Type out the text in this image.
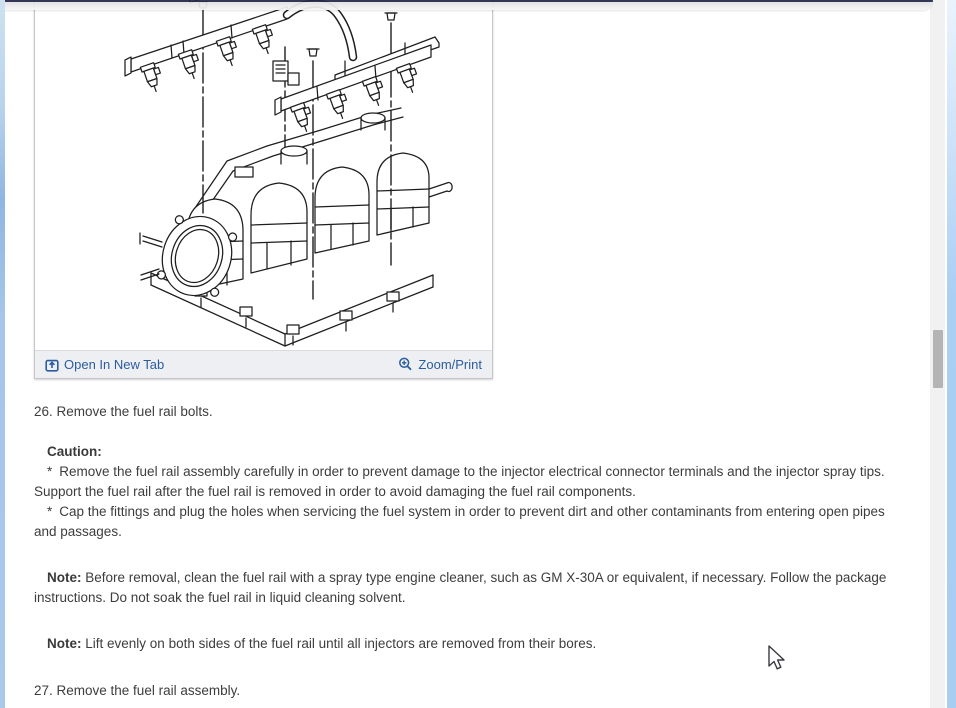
Open In New Tab	Zoom/Print

26. Remove the fuel rail bolts.

Caution:

* Remove the fuel rail assembly carefully in order to prevent damage to the injector electrical connector terminals and the injector spray tips. Support the fuel rail after the fuel rail is removed in order to avoid damaging the fuel rail components.

* Cap the fittings and plug the holes when servicing the fuel system in order to prevent dirt and other contaminants from entering open pipes and passages.

Note: Before removal, clean the fuel rail with a spray type engine cleaner, such as GM X-30A or equivalent, if necessary. Follow the package instructions. Do not soak the fuel rail in liquid cleaning solvent.

Note: Lift evenly on both sides of the fuel rail until all injectors are removed from their bores.

27. Remove the fuel rail assembly.
